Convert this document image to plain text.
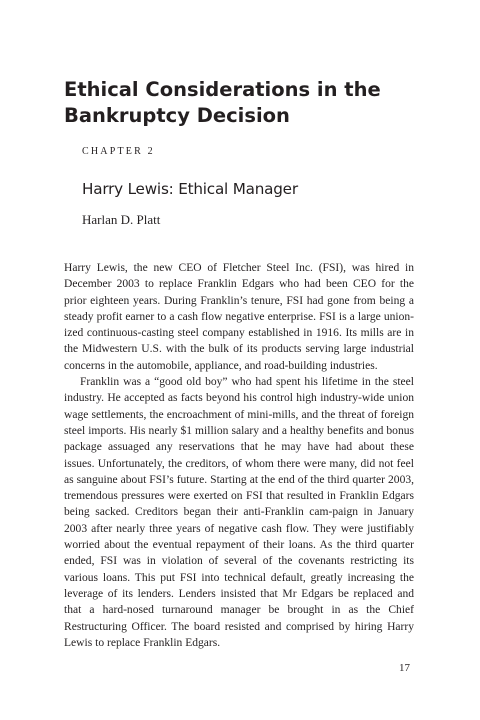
Ethical Considerations in the Bankruptcy Decision
CHAPTER 2
Harry Lewis: Ethical Manager
Harlan D. Platt

Harry Lewis, the new CEO of Fletcher Steel Inc. (FSI), was hired in December 2003 to replace Franklin Edgars who had been CEO for the prior eighteen years. During Franklin’s tenure, FSI had gone from being a steady profit earner to a cash flow negative enterprise. FSI is a large union-ized continuous-casting steel company established in 1916. Its mills are in the Midwestern U.S. with the bulk of its products serving large industrial concerns in the automobile, appliance, and road-building industries.

Franklin was a “good old boy” who had spent his lifetime in the steel industry. He accepted as facts beyond his control high industry-wide union wage settlements, the encroachment of mini-mills, and the threat of foreign steel imports. His nearly $1 million salary and a healthy benefits and bonus package assuaged any reservations that he may have had about these issues. Unfortunately, the creditors, of whom there were many, did not feel as sanguine about FSI’s future. Starting at the end of the third quarter 2003, tremendous pressures were exerted on FSI that resulted in Franklin Edgars being sacked. Creditors began their anti-Franklin cam-paign in January 2003 after nearly three years of negative cash flow. They were justifiably worried about the eventual repayment of their loans. As the third quarter ended, FSI was in violation of several of the covenants restricting its various loans. This put FSI into technical default, greatly increasing the leverage of its lenders. Lenders insisted that Mr Edgars be replaced and that a hard-nosed turnaround manager be brought in as the Chief Restructuring Officer. The board resisted and comprised by hiring Harry Lewis to replace Franklin Edgars.

17
